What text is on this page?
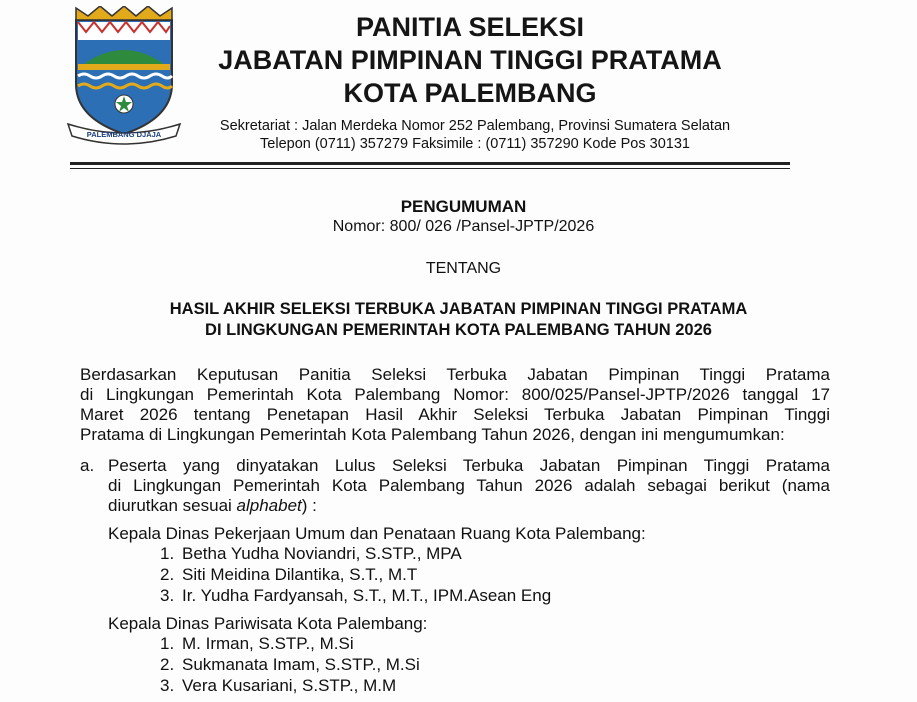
PALEMBANG DJAJA
PANITIA SELEKSI
JABATAN PIMPINAN TINGGI PRATAMA
KOTA PALEMBANG
Sekretariat : Jalan Merdeka Nomor 252 Palembang, Provinsi Sumatera Selatan
Telepon (0711) 357279 Faksimile : (0711) 357290 Kode Pos 30131
PENGUMUMAN
Nomor: 800/ 026 /Pansel-JPTP/2026
TENTANG
HASIL AKHIR SELEKSI TERBUKA JABATAN PIMPINAN TINGGI PRATAMA
DI LINGKUNGAN PEMERINTAH KOTA PALEMBANG TAHUN 2026
Berdasarkan Keputusan Panitia Seleksi Terbuka Jabatan Pimpinan Tinggi Pratama
di Lingkungan Pemerintah Kota Palembang Nomor: 800/025/Pansel-JPTP/2026 tanggal 17
Maret 2026 tentang Penetapan Hasil Akhir Seleksi Terbuka Jabatan Pimpinan Tinggi
Pratama di Lingkungan Pemerintah Kota Palembang Tahun 2026, dengan ini mengumumkan:
a. Peserta yang dinyatakan Lulus Seleksi Terbuka Jabatan Pimpinan Tinggi Pratama
di Lingkungan Pemerintah Kota Palembang Tahun 2026 adalah sebagai berikut (nama
diurutkan sesuai alphabet) :
Kepala Dinas Pekerjaan Umum dan Penataan Ruang Kota Palembang:
1. Betha Yudha Noviandri, S.STP., MPA
2. Siti Meidina Dilantika, S.T., M.T
3. Ir. Yudha Fardyansah, S.T., M.T., IPM.Asean Eng
Kepala Dinas Pariwisata Kota Palembang:
1. M. Irman, S.STP., M.Si
2. Sukmanata Imam, S.STP., M.Si
3. Vera Kusariani, S.STP., M.M
